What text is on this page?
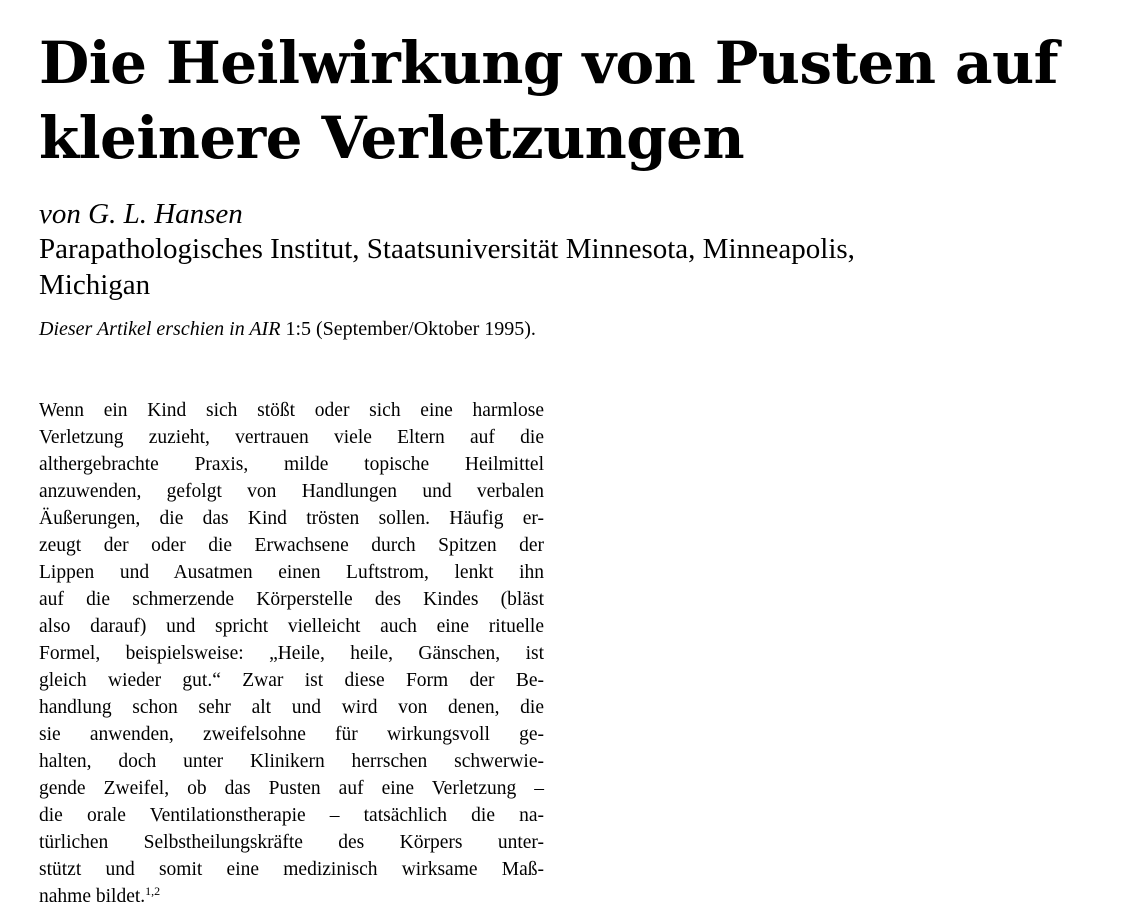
Die Heilwirkung von Pusten auf
kleinere Verletzungen
von G. L. Hansen
Parapathologisches Institut, Staatsuniversität Minnesota, Minneapolis,
Michigan
Dieser Artikel erschien in AIR 1:5 (September/Oktober 1995).
Wenn ein Kind sich stößt oder sich eine harmlose
Verletzung zuzieht, vertrauen viele Eltern auf die
althergebrachte Praxis, milde topische Heilmittel
anzuwenden, gefolgt von Handlungen und verbalen
Äußerungen, die das Kind trösten sollen. Häufig er-
zeugt der oder die Erwachsene durch Spitzen der
Lippen und Ausatmen einen Luftstrom, lenkt ihn
auf die schmerzende Körperstelle des Kindes (bläst
also darauf) und spricht vielleicht auch eine rituelle
Formel, beispielsweise: „Heile, heile, Gänschen, ist
gleich wieder gut.“ Zwar ist diese Form der Be-
handlung schon sehr alt und wird von denen, die
sie anwenden, zweifelsohne für wirkungsvoll ge-
halten, doch unter Klinikern herrschen schwerwie-
gende Zweifel, ob das Pusten auf eine Verletzung –
die orale Ventilationstherapie – tatsächlich die na-
türlichen Selbstheilungskräfte des Körpers unter-
stützt und somit eine medizinisch wirksame Maß-
nahme bildet.$^{1,2}$
